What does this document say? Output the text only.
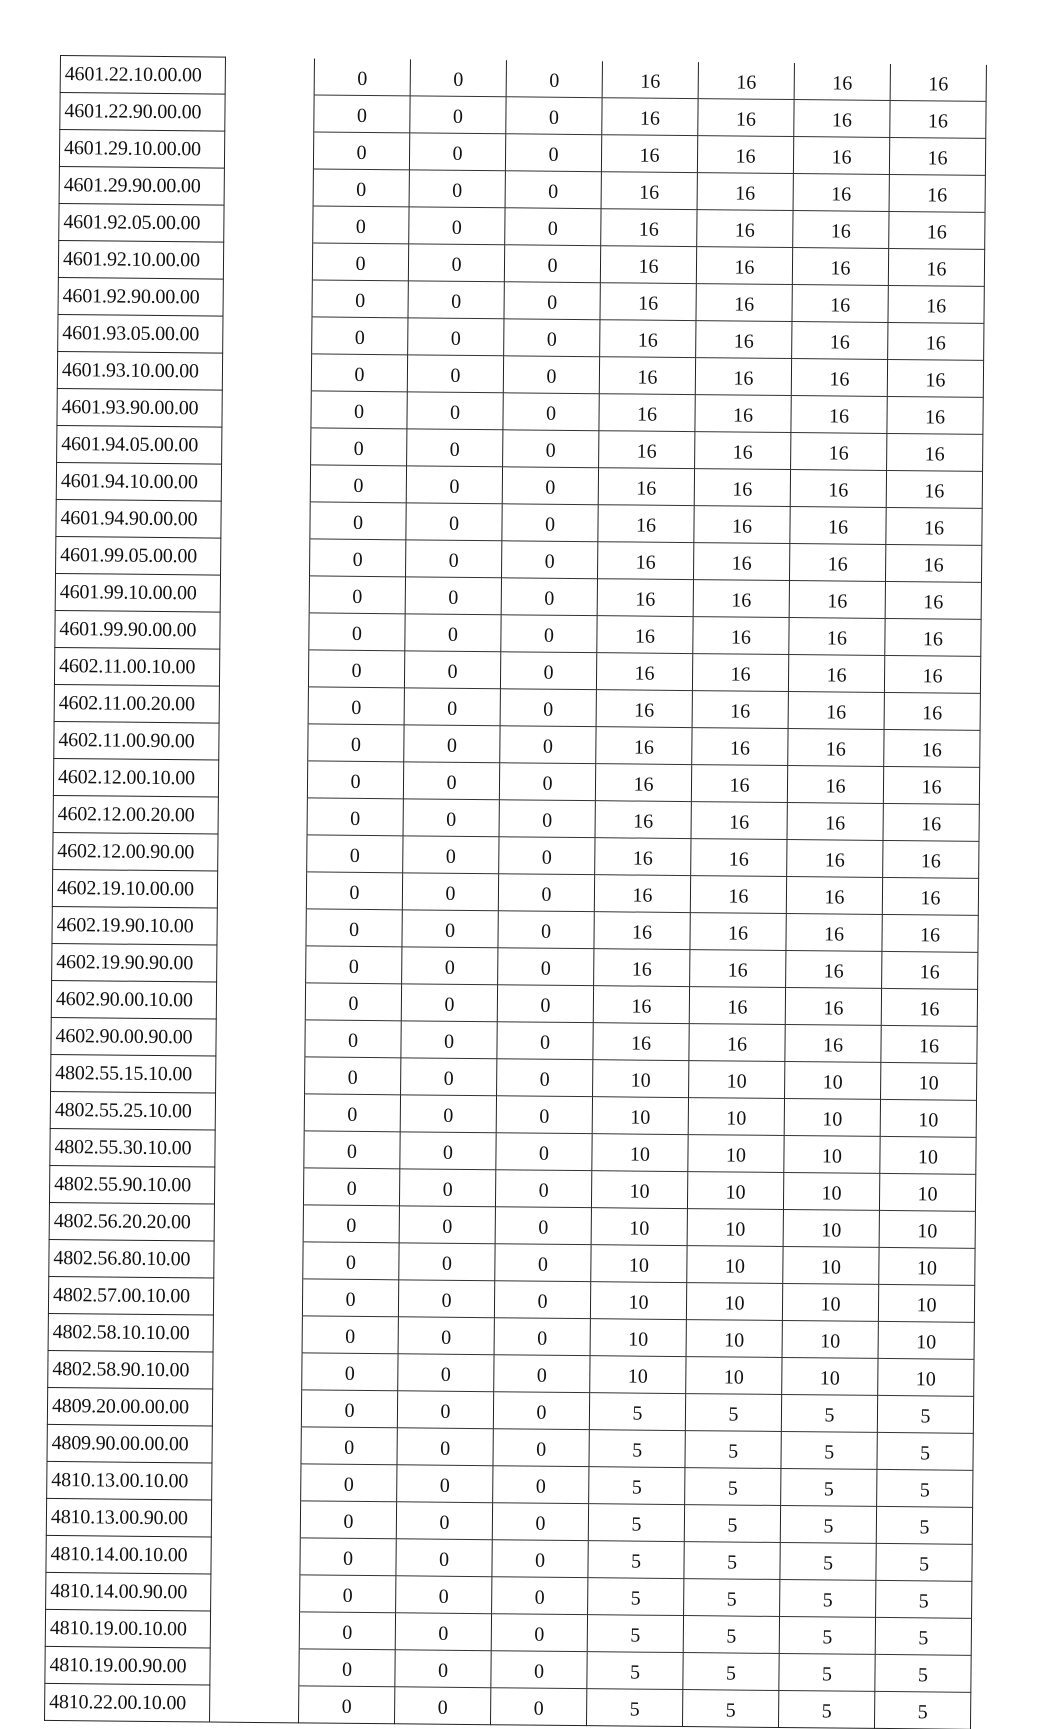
4601.22.10.00.00		0	0	0	16	16	16	16
4601.22.90.00.00		0	0	0	16	16	16	16
4601.29.10.00.00		0	0	0	16	16	16	16
4601.29.90.00.00		0	0	0	16	16	16	16
4601.92.05.00.00		0	0	0	16	16	16	16
4601.92.10.00.00		0	0	0	16	16	16	16
4601.92.90.00.00		0	0	0	16	16	16	16
4601.93.05.00.00		0	0	0	16	16	16	16
4601.93.10.00.00		0	0	0	16	16	16	16
4601.93.90.00.00		0	0	0	16	16	16	16
4601.94.05.00.00		0	0	0	16	16	16	16
4601.94.10.00.00		0	0	0	16	16	16	16
4601.94.90.00.00		0	0	0	16	16	16	16
4601.99.05.00.00		0	0	0	16	16	16	16
4601.99.10.00.00		0	0	0	16	16	16	16
4601.99.90.00.00		0	0	0	16	16	16	16
4602.11.00.10.00		0	0	0	16	16	16	16
4602.11.00.20.00		0	0	0	16	16	16	16
4602.11.00.90.00		0	0	0	16	16	16	16
4602.12.00.10.00		0	0	0	16	16	16	16
4602.12.00.20.00		0	0	0	16	16	16	16
4602.12.00.90.00		0	0	0	16	16	16	16
4602.19.10.00.00		0	0	0	16	16	16	16
4602.19.90.10.00		0	0	0	16	16	16	16
4602.19.90.90.00		0	0	0	16	16	16	16
4602.90.00.10.00		0	0	0	16	16	16	16
4602.90.00.90.00		0	0	0	16	16	16	16
4802.55.15.10.00		0	0	0	10	10	10	10
4802.55.25.10.00		0	0	0	10	10	10	10
4802.55.30.10.00		0	0	0	10	10	10	10
4802.55.90.10.00		0	0	0	10	10	10	10
4802.56.20.20.00		0	0	0	10	10	10	10
4802.56.80.10.00		0	0	0	10	10	10	10
4802.57.00.10.00		0	0	0	10	10	10	10
4802.58.10.10.00		0	0	0	10	10	10	10
4802.58.90.10.00		0	0	0	10	10	10	10
4809.20.00.00.00		0	0	0	5	5	5	5
4809.90.00.00.00		0	0	0	5	5	5	5
4810.13.00.10.00		0	0	0	5	5	5	5
4810.13.00.90.00		0	0	0	5	5	5	5
4810.14.00.10.00		0	0	0	5	5	5	5
4810.14.00.90.00		0	0	0	5	5	5	5
4810.19.00.10.00		0	0	0	5	5	5	5
4810.19.00.90.00		0	0	0	5	5	5	5
4810.22.00.10.00		0	0	0	5	5	5	5
